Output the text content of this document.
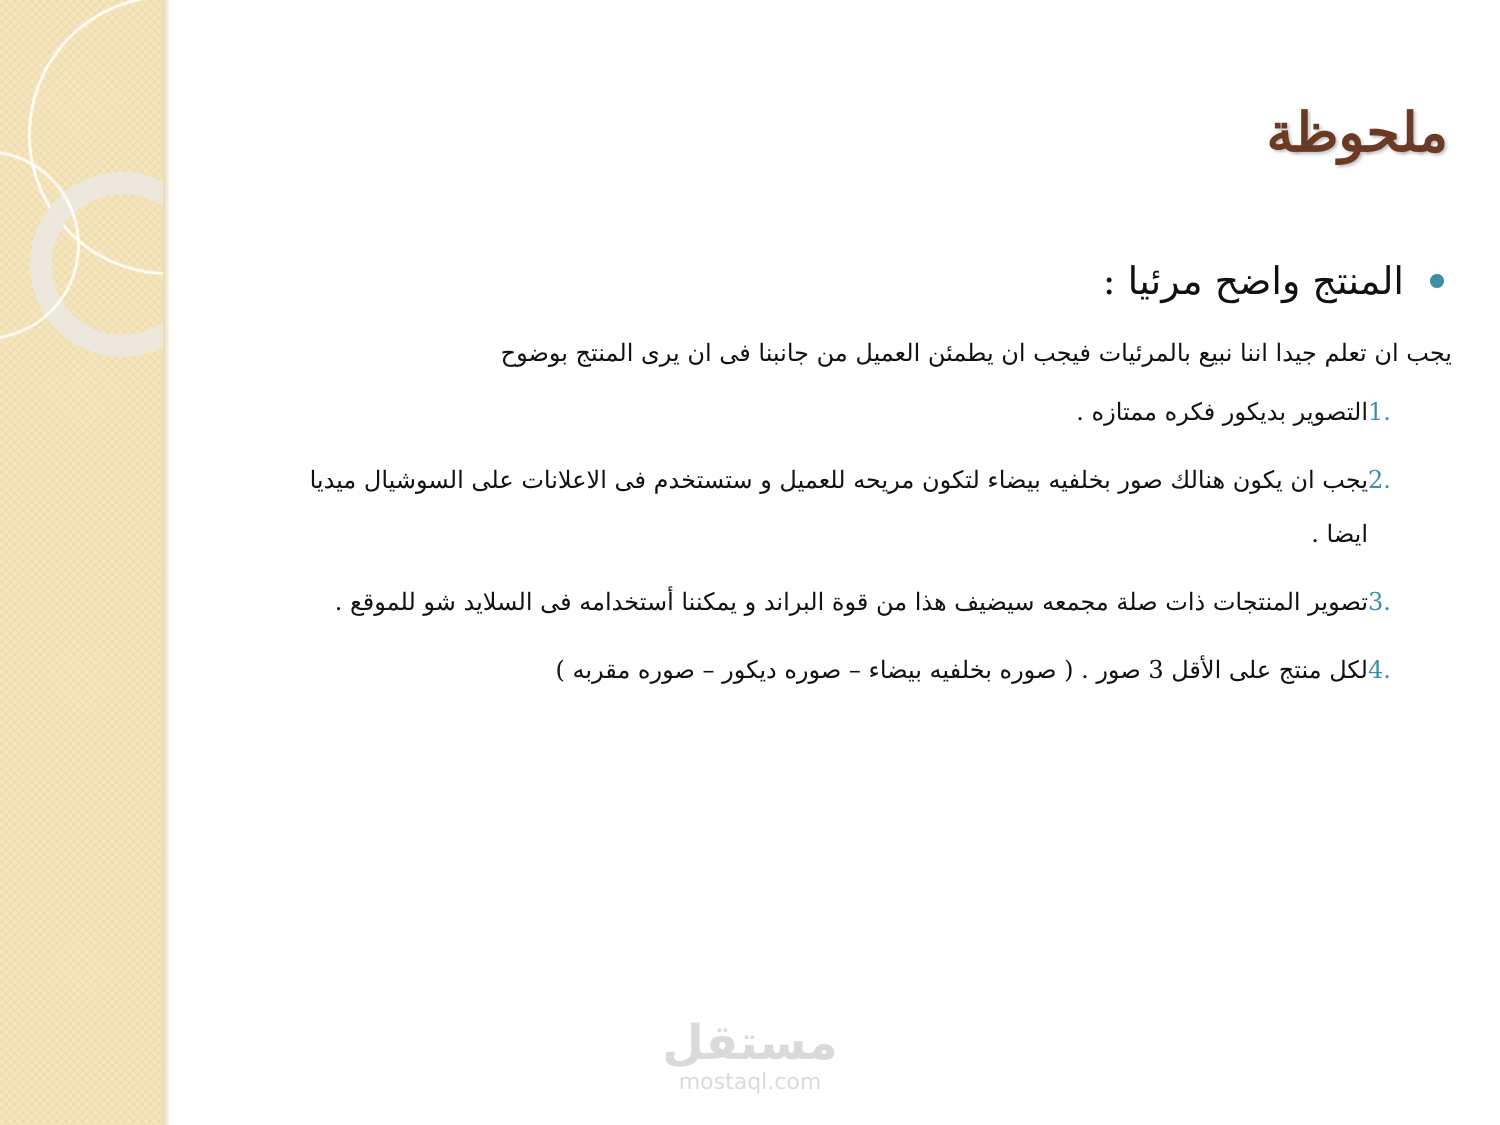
ملحوظة
المنتج واضح مرئيا :

يجب ان تعلم جيدا اننا نبيع بالمرئيات فيجب ان يطمئن العميل من جانبنا فى ان يرى المنتج بوضوح

1.
التصوير بديكور فكره ممتازه .
2.
يجب ان يكون هنالك صور بخلفيه بيضاء لتكون مريحه للعميل و ستستخدم فى الاعلانات على السوشيال ميديا ايضا .
3.
تصوير المنتجات ذات صلة مجمعه سيضيف هذا من قوة البراند و يمكننا أستخدامه فى السلايد شو للموقع .
4.
لكل منتج على الأقل 3 صور . ( صوره بخلفيه بيضاء – صوره ديكور – صوره مقربه )
مستقل
mostaql.com
